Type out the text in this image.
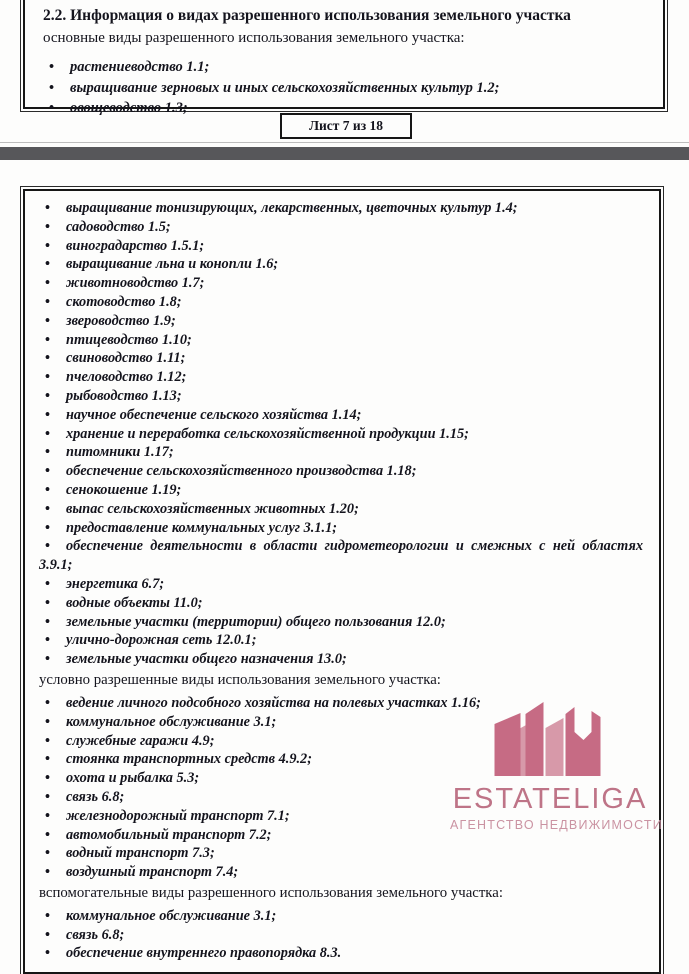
2.2. Информация о видах разрешенного использования земельного участка
основные виды разрешенного использования земельного участка:
• растениеводство 1.1;
• выращивание зерновых и иных сельскохозяйственных культур 1.2;
• овощеводство 1.3;
Лист 7 из 18
• выращивание тонизирующих, лекарственных, цветочных культур 1.4;
• садоводство 1.5;
• виноградарство 1.5.1;
• выращивание льна и конопли 1.6;
• животноводство 1.7;
• скотоводство 1.8;
• звероводство 1.9;
• птицеводство 1.10;
• свиноводство 1.11;
• пчеловодство 1.12;
• рыбоводство 1.13;
• научное обеспечение сельского хозяйства 1.14;
• хранение и переработка сельскохозяйственной продукции 1.15;
• питомники 1.17;
• обеспечение сельскохозяйственного производства 1.18;
• сенокошение 1.19;
• выпас сельскохозяйственных животных 1.20;
• предоставление коммунальных услуг 3.1.1;
• обеспечение деятельности в области гидрометеорологии и смежных с ней областях 3.9.1;
• энергетика 6.7;
• водные объекты 11.0;
• земельные участки (территории) общего пользования 12.0;
• улично-дорожная сеть 12.0.1;
• земельные участки общего назначения 13.0;
условно разрешенные виды использования земельного участка:
• ведение личного подсобного хозяйства на полевых участках 1.16;
• коммунальное обслуживание 3.1;
• служебные гаражи 4.9;
• стоянка транспортных средств 4.9.2;
• охота и рыбалка 5.3;
• связь 6.8;
• железнодорожный транспорт 7.1;
• автомобильный транспорт 7.2;
• водный транспорт 7.3;
• воздушный транспорт 7.4;
вспомогательные виды разрешенного использования земельного участка:
• коммунальное обслуживание 3.1;
• связь 6.8;
• обеспечение внутреннего правопорядка 8.3.
ESTATELIGA
АГЕНТСТВО НЕДВИЖИМОСТИ
